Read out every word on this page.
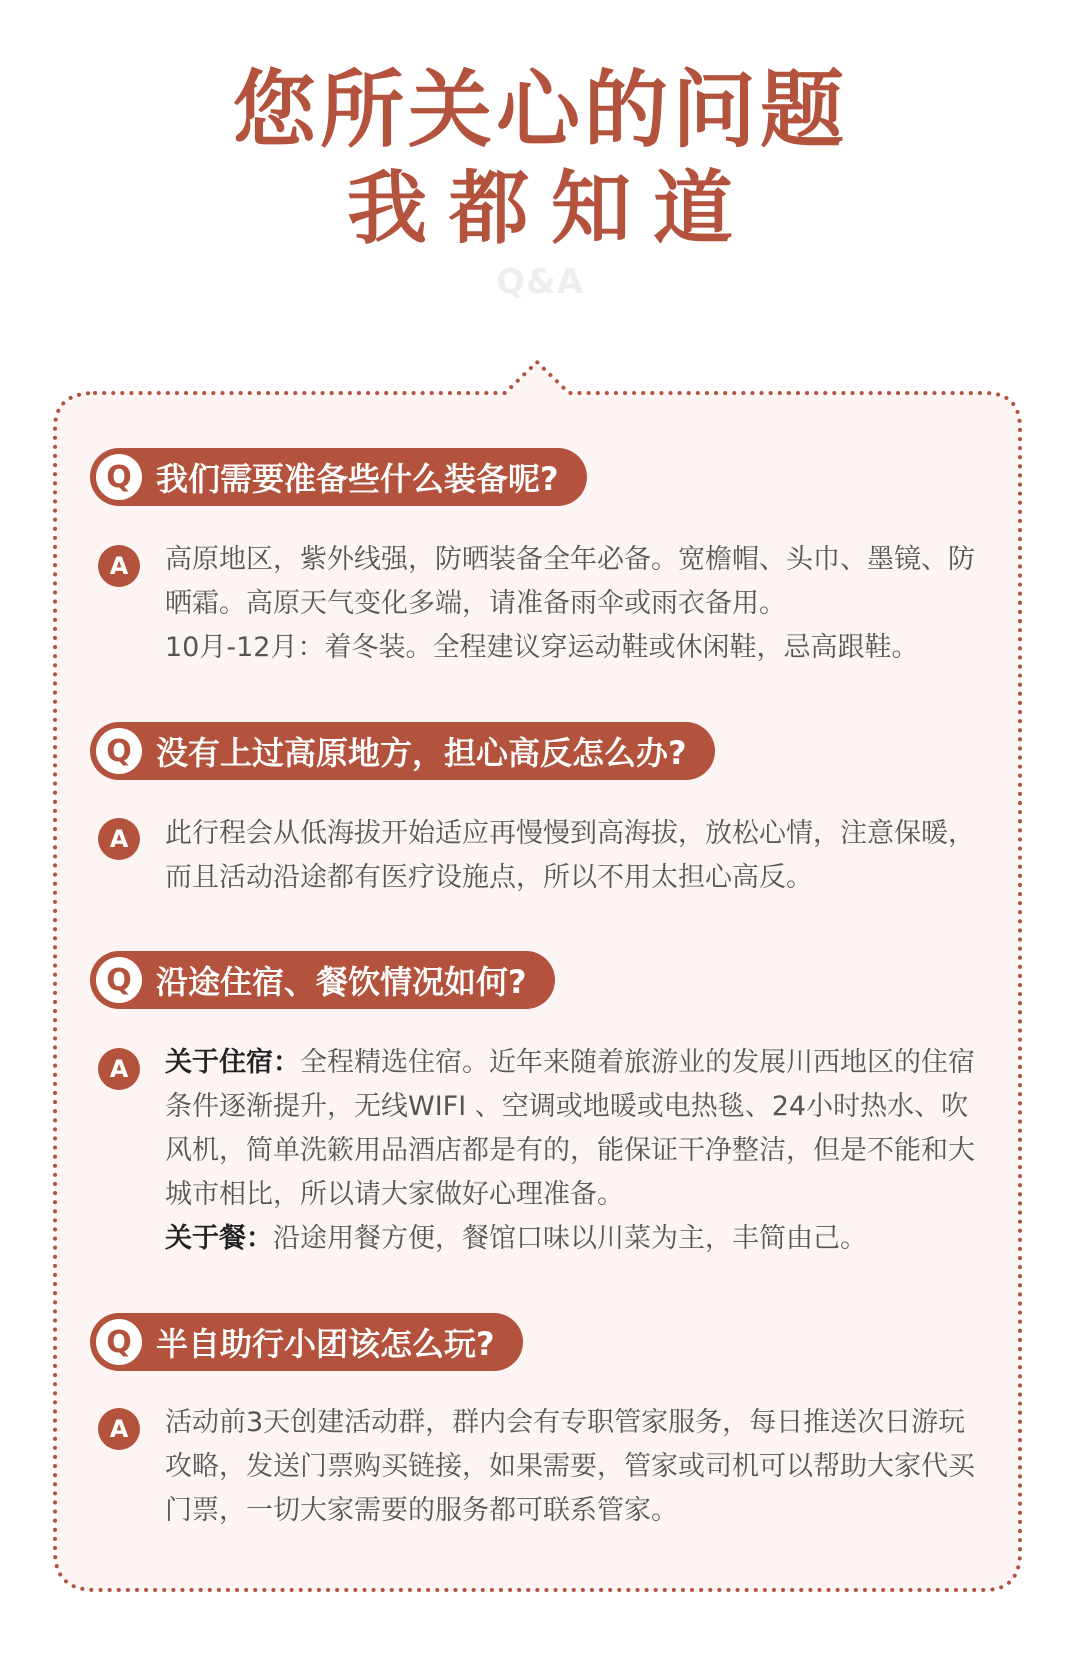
您所关心的问题
我都知道
Q&A
Q 我们需要准备些什么装备呢?
A	高原地区，紫外线强，防晒装备全年必备。宽檐帽、头巾、墨镜、防晒霜。高原天气变化多端，请准备雨伞或雨衣备用。

10月-12月：着冬装。全程建议穿运动鞋或休闲鞋，忌高跟鞋。

Q 没有上过高原地方，担心高反怎么办?
A	此行程会从低海拔开始适应再慢慢到高海拔，放松心情，注意保暖，而且活动沿途都有医疗设施点，所以不用太担心高反。

Q 沿途住宿、餐饮情况如何?
A	关于住宿：全程精选住宿。近年来随着旅游业的发展川西地区的住宿条件逐渐提升，无线WIFI 、空调或地暖或电热毯、24小时热水、吹风机，简单洗簌用品酒店都是有的，能保证干净整洁，但是不能和大城市相比，所以请大家做好心理准备。

关于餐：沿途用餐方便，餐馆口味以川菜为主，丰简由己。

Q 半自助行小团该怎么玩?
A	活动前3天创建活动群，群内会有专职管家服务，每日推送次日游玩攻略，发送门票购买链接，如果需要，管家或司机可以帮助大家代买门票，一切大家需要的服务都可联系管家。
